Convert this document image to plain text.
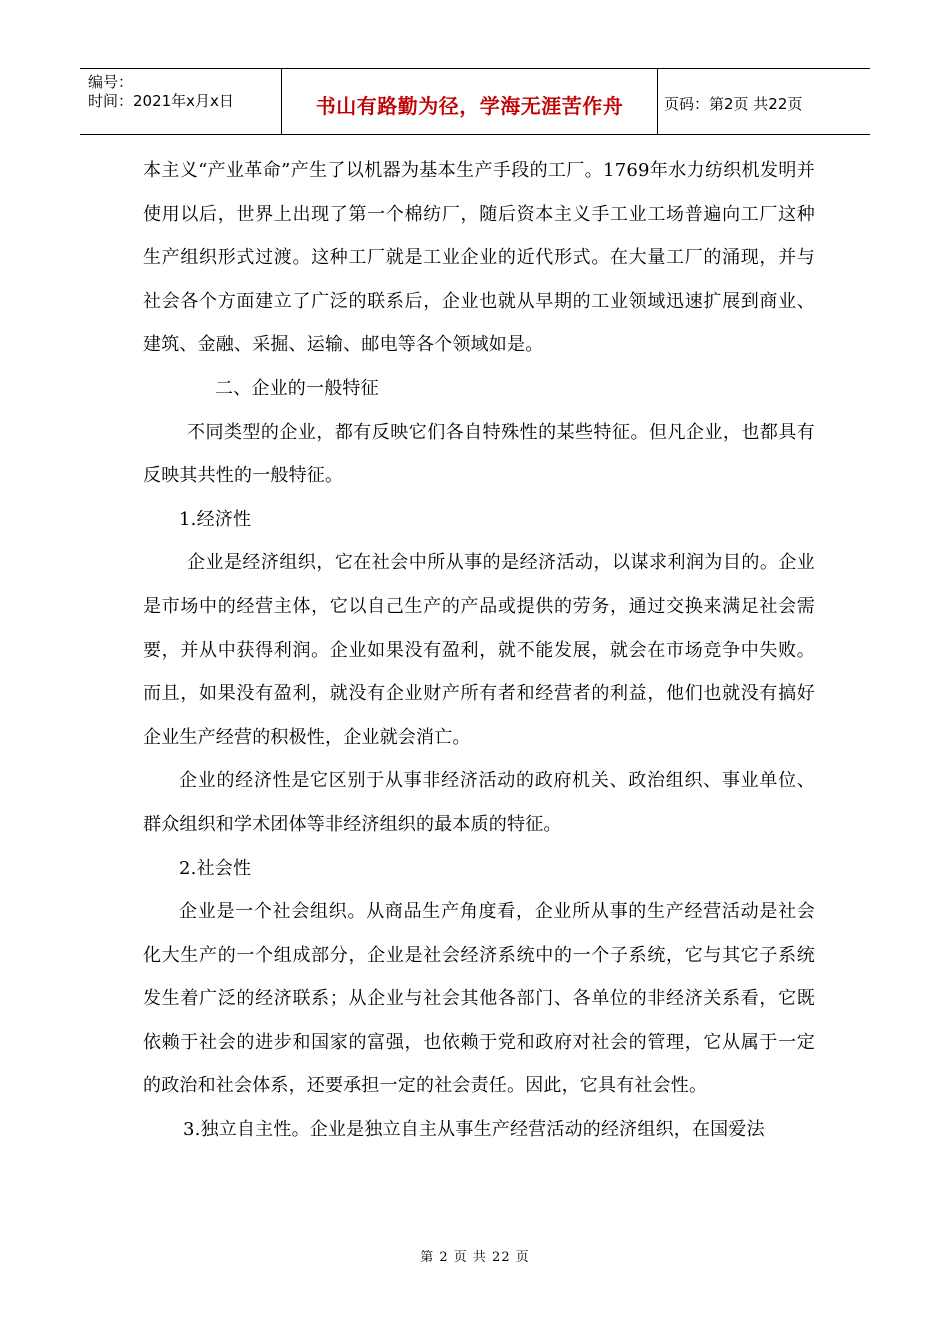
编号：
时间：2021年x月x日	书山有路勤为径，学海无涯苦作舟	页码：第2页 共22页

本主义“产业革命”产生了以机器为基本生产手段的工厂。1769年水力纺织机发明并使用以后，世界上出现了第一个棉纺厂，随后资本主义手工业工场普遍向工厂这种生产组织形式过渡。这种工厂就是工业企业的近代形式。在大量工厂的涌现，并与社会各个方面建立了广泛的联系后，企业也就从早期的工业领域迅速扩展到商业、建筑、金融、采掘、运输、邮电等各个领域如是。

二、企业的一般特征

不同类型的企业，都有反映它们各自特殊性的某些特征。但凡企业，也都具有反映其共性的一般特征。

1.经济性

企业是经济组织，它在社会中所从事的是经济活动，以谋求利润为目的。企业是市场中的经营主体，它以自己生产的产品或提供的劳务，通过交换来满足社会需要，并从中获得利润。企业如果没有盈利，就不能发展，就会在市场竞争中失败。而且，如果没有盈利，就没有企业财产所有者和经营者的利益，他们也就没有搞好企业生产经营的积极性，企业就会消亡。

企业的经济性是它区别于从事非经济活动的政府机关、政治组织、事业单位、群众组织和学术团体等非经济组织的最本质的特征。

2.社会性

企业是一个社会组织。从商品生产角度看，企业所从事的生产经营活动是社会化大生产的一个组成部分，企业是社会经济系统中的一个子系统，它与其它子系统发生着广泛的经济联系；从企业与社会其他各部门、各单位的非经济关系看，它既依赖于社会的进步和国家的富强，也依赖于党和政府对社会的管理，它从属于一定的政治和社会体系，还要承担一定的社会责任。因此，它具有社会性。

3.独立自主性。企业是独立自主从事生产经营活动的经济组织，在国爱法

第 2 页 共 22 页
